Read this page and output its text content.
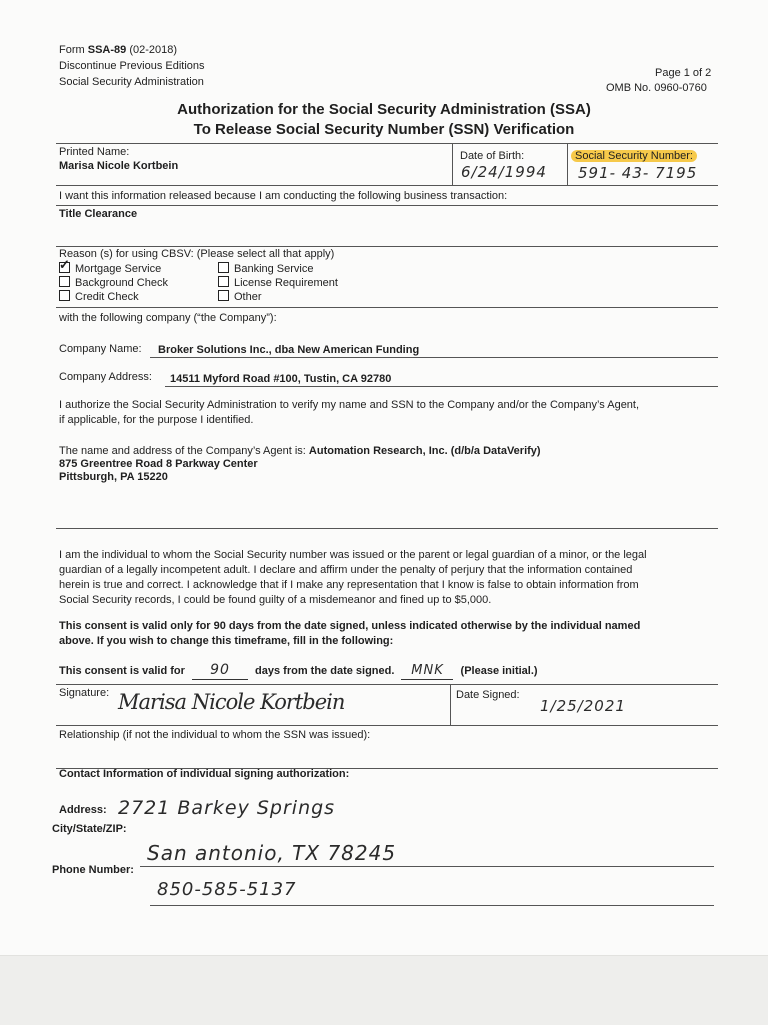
Form SSA-89 (02-2018)
Discontinue Previous Editions
Social Security Administration
Page 1 of 2
OMB No. 0960-0760
Authorization for the Social Security Administration (SSA)
To Release Social Security Number (SSN) Verification
Printed Name:
Marisa Nicole Kortbein
Date of Birth:
6/24/1994
Social Security Number:
591- 43- 7195
I want this information released because I am conducting the following business transaction:
Title Clearance
Reason (s) for using CBSV: (Please select all that apply)
✓Mortgage Service
Background Check
Credit Check
Banking Service
License Requirement
Other
with the following company (“the Company”):
Company Name: Broker Solutions Inc., dba New American Funding
Company Address: 14511 Myford Road #100, Tustin, CA 92780
I authorize the Social Security Administration to verify my name and SSN to the Company and/or the Company’s Agent,
if applicable, for the purpose I identified.
The name and address of the Company’s Agent is: Automation Research, Inc. (d/b/a DataVerify)
875 Greentree Road 8 Parkway Center
Pittsburgh, PA 15220
I am the individual to whom the Social Security number was issued or the parent or legal guardian of a minor, or the legal
guardian of a legally incompetent adult. I declare and affirm under the penalty of perjury that the information contained
herein is true and correct. I acknowledge that if I make any representation that I know is false to obtain information from
Social Security records, I could be found guilty of a misdemeanor and fined up to $5,000.
This consent is valid only for 90 days from the date signed, unless indicated otherwise by the individual named
above. If you wish to change this timeframe, fill in the following:
This consent is valid for 90 days from the date signed. MNK (Please initial.)
Signature: Marisa Nicole Kortbein	Date Signed:
1/25/2021
Relationship (if not the individual to whom the SSN was issued):
Contact Information of individual signing authorization:
Address: 2721 Barkey Springs
City/State/ZIP:
San antonio, TX 78245
Phone Number:
850-585-5137
